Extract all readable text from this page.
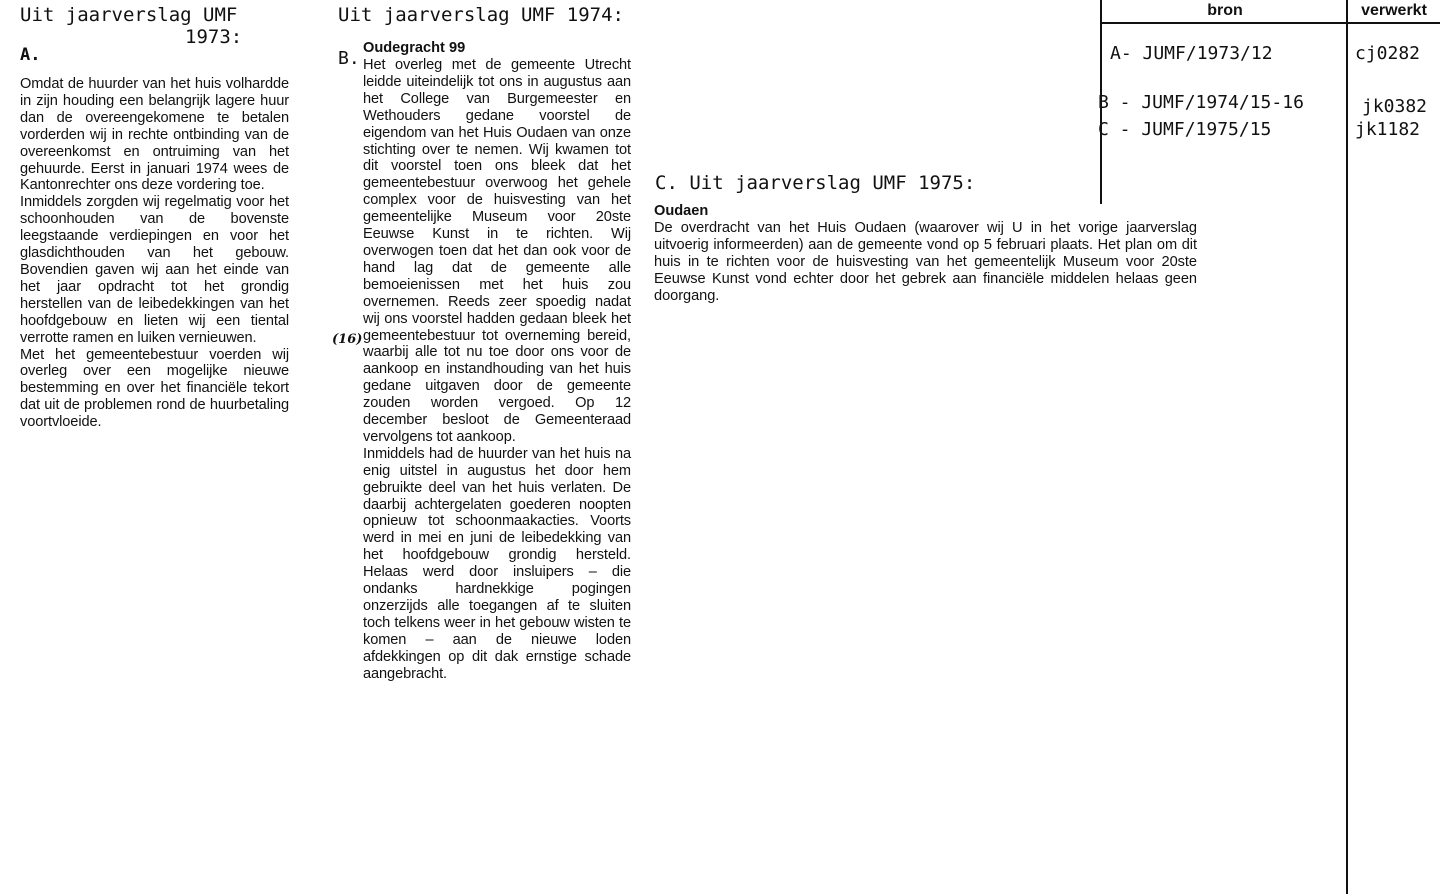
Uit jaarverslag UMF
1973:
A.

Omdat de huurder van het huis volhardde in zijn houding een belangrijk lagere huur dan de overeengekomene te betalen vorderden wij in rechte ontbinding van de overeenkomst en ontruiming van het gehuurde. Eerst in januari 1974 wees de Kantonrechter ons deze vordering toe.

Inmiddels zorgden wij regelmatig voor het schoonhouden van de bovenste leegstaande verdiepingen en voor het glasdichthouden van het gebouw. Bovendien gaven wij aan het einde van het jaar opdracht tot het grondig herstellen van de leibedekkingen van het hoofdgebouw en lieten wij een tiental verrotte ramen en luiken vernieuwen.

Met het gemeentebestuur voerden wij overleg over een mogelijke nieuwe bestemming en over het financiële tekort dat uit de problemen rond de huurbetaling voortvloeide.

Uit jaarverslag UMF 1974:
B. Oudegracht 99
(16)

Het overleg met de gemeente Utrecht leidde uiteindelijk tot ons in augustus aan het College van Burgemeester en Wethouders gedane voorstel de eigendom van het Huis Oudaen van onze stichting over te nemen. Wij kwamen tot dit voorstel toen ons bleek dat het gemeentebestuur overwoog het gehele complex voor de huisvesting van het gemeentelijke Museum voor 20ste Eeuwse Kunst in te richten. Wij overwogen toen dat het dan ook voor de hand lag dat de gemeente alle bemoeienissen met het huis zou overnemen. Reeds zeer spoedig nadat wij ons voorstel hadden gedaan bleek het gemeentebestuur tot overneming bereid, waarbij alle tot nu toe door ons voor de aankoop en instandhouding van het huis gedane uitgaven door de gemeente zouden worden vergoed. Op 12 december besloot de Gemeenteraad vervolgens tot aankoop.

Inmiddels had de huurder van het huis na enig uitstel in augustus het door hem gebruikte deel van het huis verlaten. De daarbij achtergelaten goederen noopten opnieuw tot schoonmaakacties. Voorts werd in mei en juni de leibedekking van het hoofdgebouw grondig hersteld. Helaas werd door insluipers – die ondanks hardnekkige pogingen onzerzijds alle toegangen af te sluiten toch telkens weer in het gebouw wisten te komen – aan de nieuwe loden afdekkingen op dit dak ernstige schade aangebracht.

C. Uit jaarverslag UMF 1975:
Oudaen
De overdracht van het Huis Oudaen (waarover wij U in het vorige jaarverslag uitvoerig informeerden) aan de gemeente vond op 5 februari plaats. Het plan om dit huis in te richten voor de huisvesting van het gemeentelijk Museum voor 20ste Eeuwse Kunst vond echter door het gebrek aan financiële middelen helaas geen doorgang.
bron	verwerkt
A- JUMF/1973/12	cj0282
B - JUMF/1974/15-16	jk0382
C - JUMF/1975/15	jk1182
